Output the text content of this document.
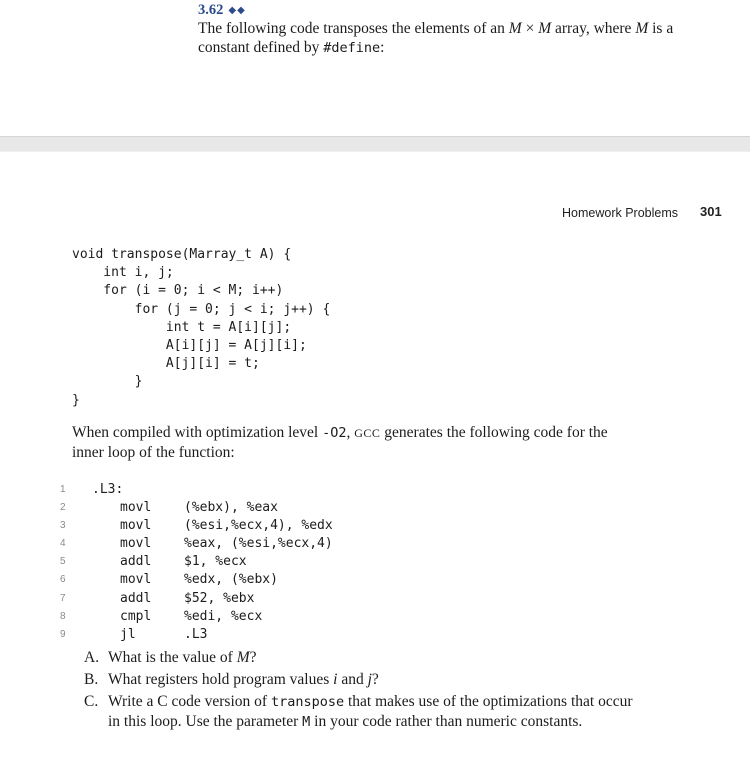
3.62 ◆◆
The following code transposes the elements of an M × M array, where M is a constant defined by #define:
Homework Problems 301
void transpose(Marray_t A) {
int i, j;
for (i = 0; i < M; i++)
for (j = 0; j < i; j++) {
int t = A[i][j];
A[i][j] = A[j][i];
A[j][i] = t;
}
}
When compiled with optimization level -O2, GCC generates the following code for the inner loop of the function:
1	.L3:
2	movl	(%ebx), %eax
3	movl	(%esi,%ecx,4), %edx
4	movl	%eax, (%esi,%ecx,4)
5	addl	$1, %ecx
6	movl	%edx, (%ebx)
7	addl	$52, %ebx
8	cmpl	%edi, %ecx
9	jl	.L3
A. What is the value of M?
B. What registers hold program values i and j?
C. Write a C code version of transpose that makes use of the optimizations that occur in this loop. Use the parameter M in your code rather than numeric constants.
